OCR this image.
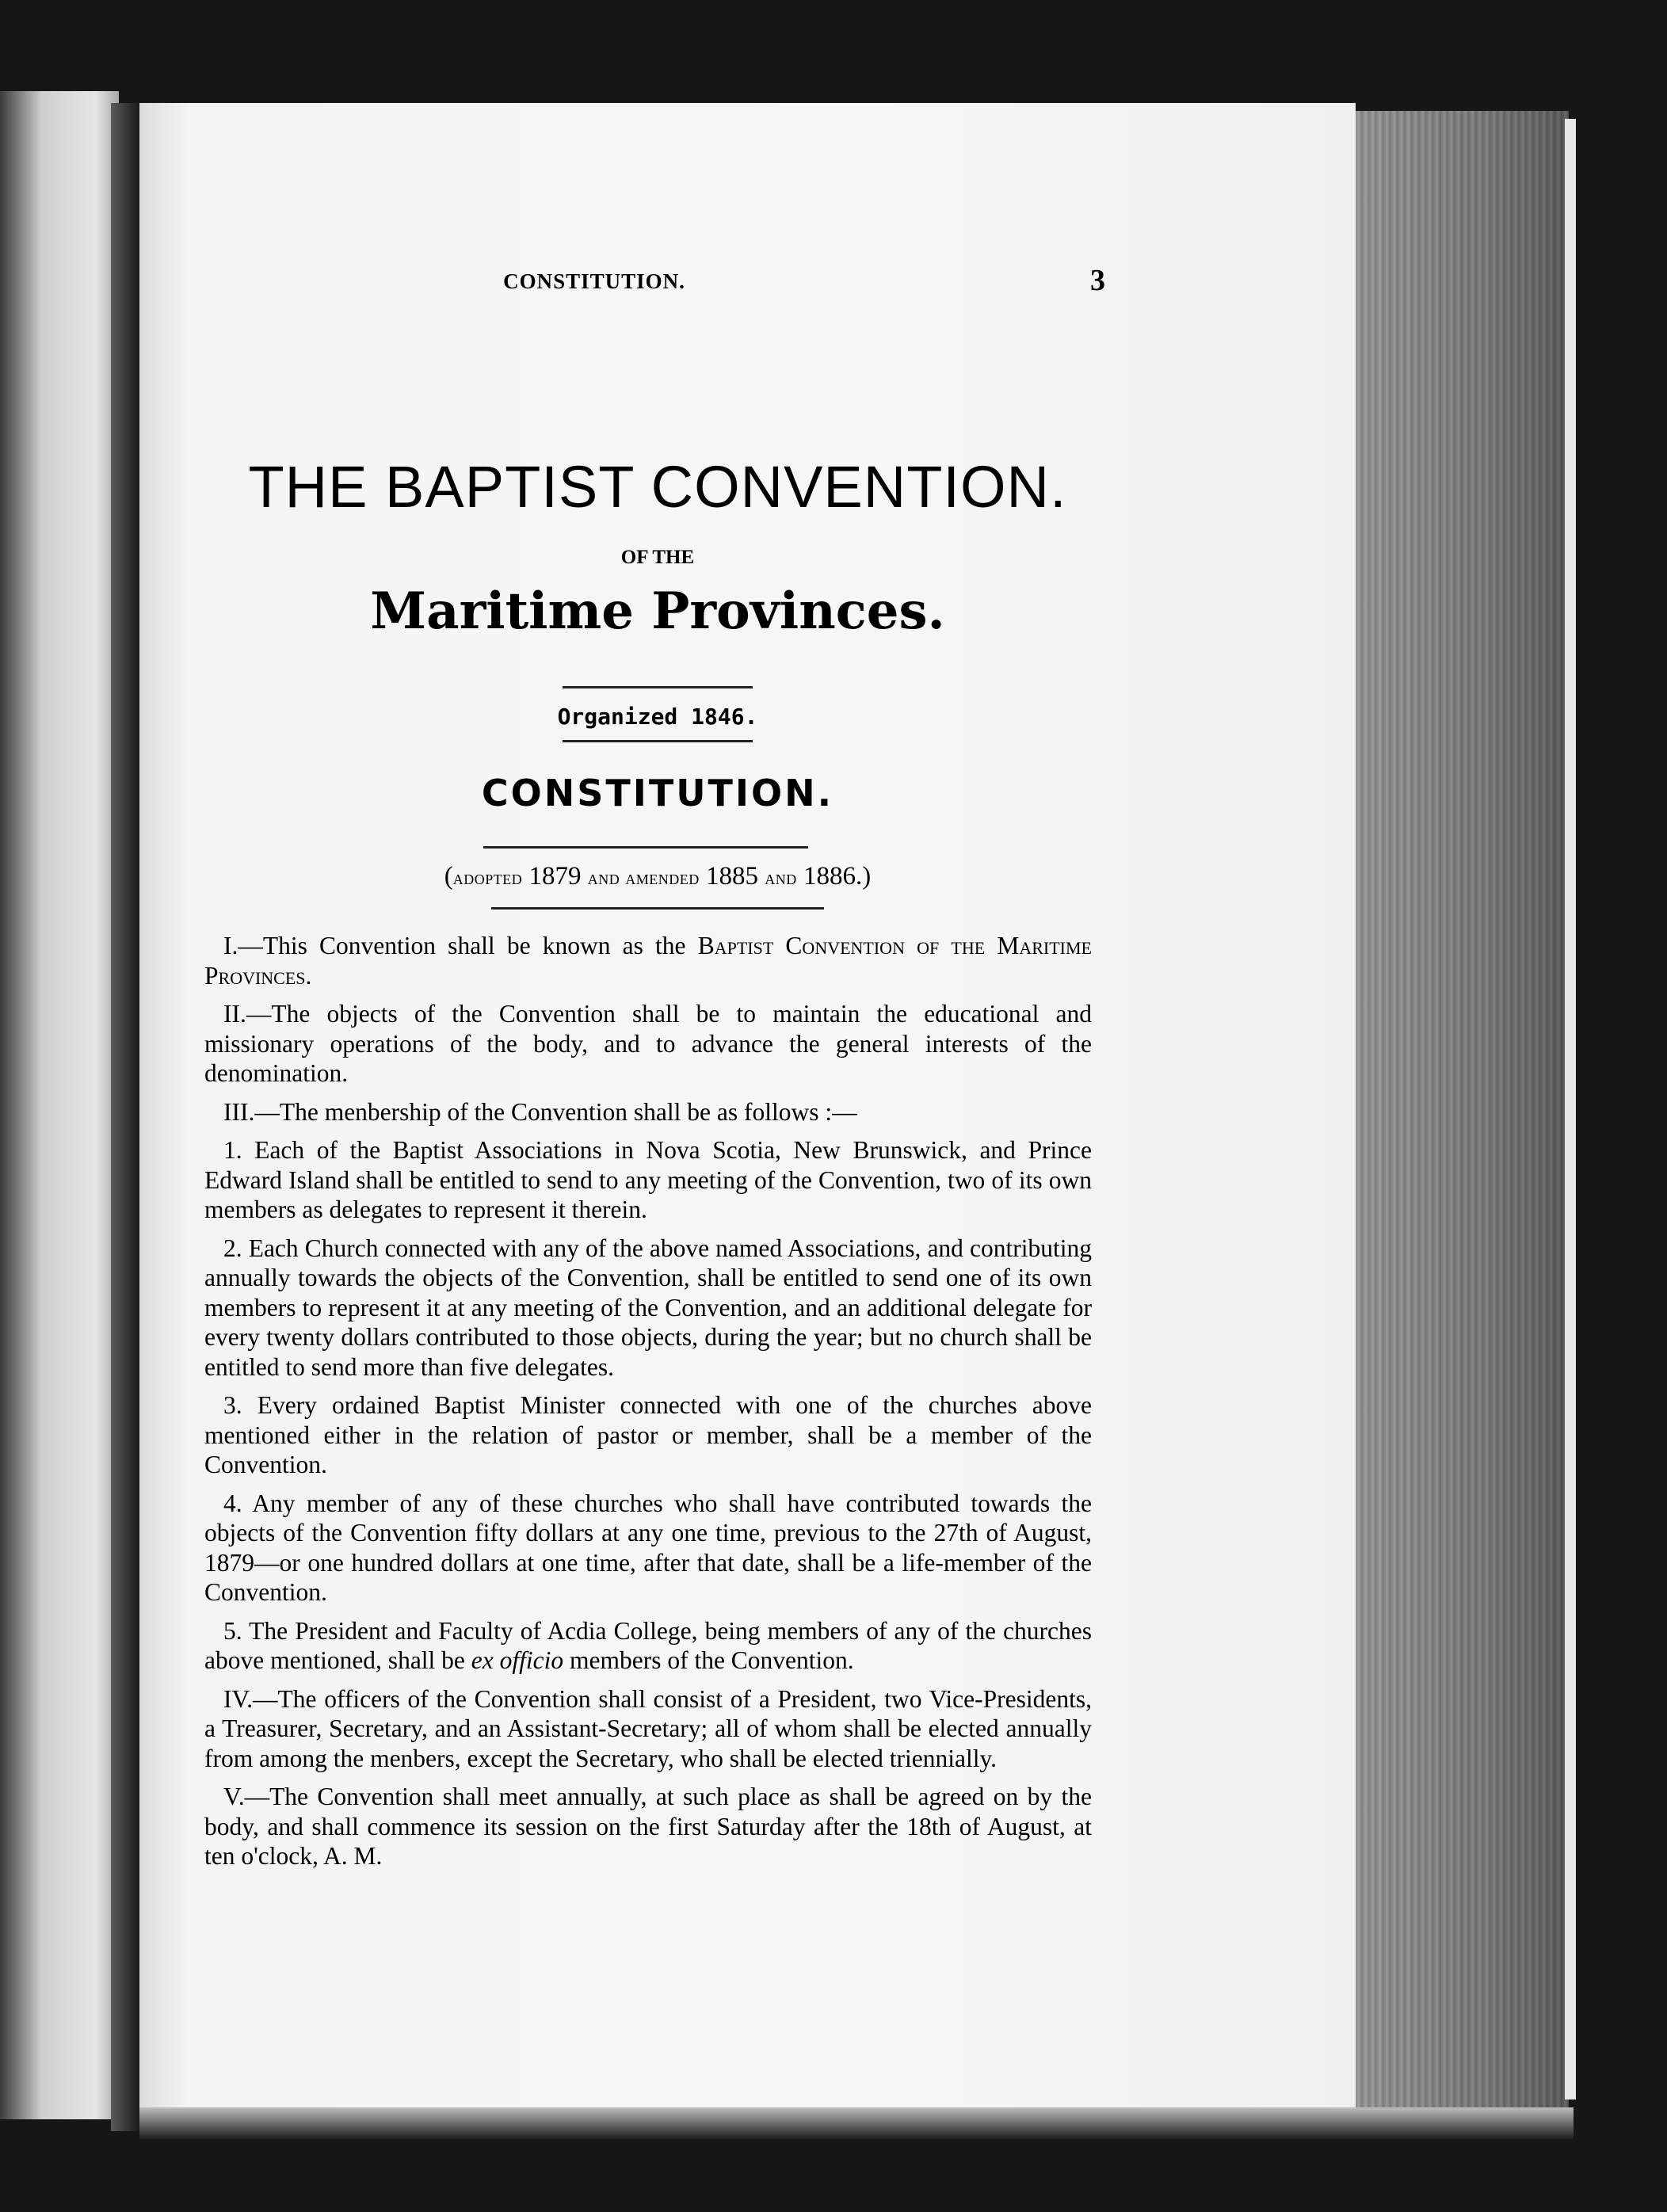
CONSTITUTION.	3

THE BAPTIST CONVENTION.

OF THE

Maritime Provinces.

Organized 1846.

CONSTITUTION.

(adopted 1879 and amended 1885 and 1886.)

I.—This Convention shall be known as the Baptist Convention of the Maritime Provinces.

II.—The objects of the Convention shall be to maintain the educational and missionary operations of the body, and to advance the general interests of the denomination.

III.—The menbership of the Convention shall be as follows :—

1. Each of the Baptist Associations in Nova Scotia, New Brunswick, and Prince Edward Island shall be entitled to send to any meeting of the Convention, two of its own members as delegates to represent it therein.

2. Each Church connected with any of the above named Associations, and contributing annually towards the objects of the Convention, shall be entitled to send one of its own members to represent it at any meeting of the Convention, and an additional delegate for every twenty dollars contributed to those objects, during the year; but no church shall be entitled to send more than five delegates.

3. Every ordained Baptist Minister connected with one of the churches above mentioned either in the relation of pastor or member, shall be a member of the Convention.

4. Any member of any of these churches who shall have contributed towards the objects of the Convention fifty dollars at any one time, previous to the 27th of August, 1879—or one hundred dollars at one time, after that date, shall be a life-member of the Convention.

5. The President and Faculty of Acdia College, being members of any of the churches above mentioned, shall be ex officio members of the Convention.

IV.—The officers of the Convention shall consist of a President, two Vice-Presidents, a Treasurer, Secretary, and an Assistant-Secretary; all of whom shall be elected annually from among the menbers, except the Secretary, who shall be elected triennially.

V.—The Convention shall meet annually, at such place as shall be agreed on by the body, and shall commence its session on the first Saturday after the 18th of August, at ten o'clock, A. M.
